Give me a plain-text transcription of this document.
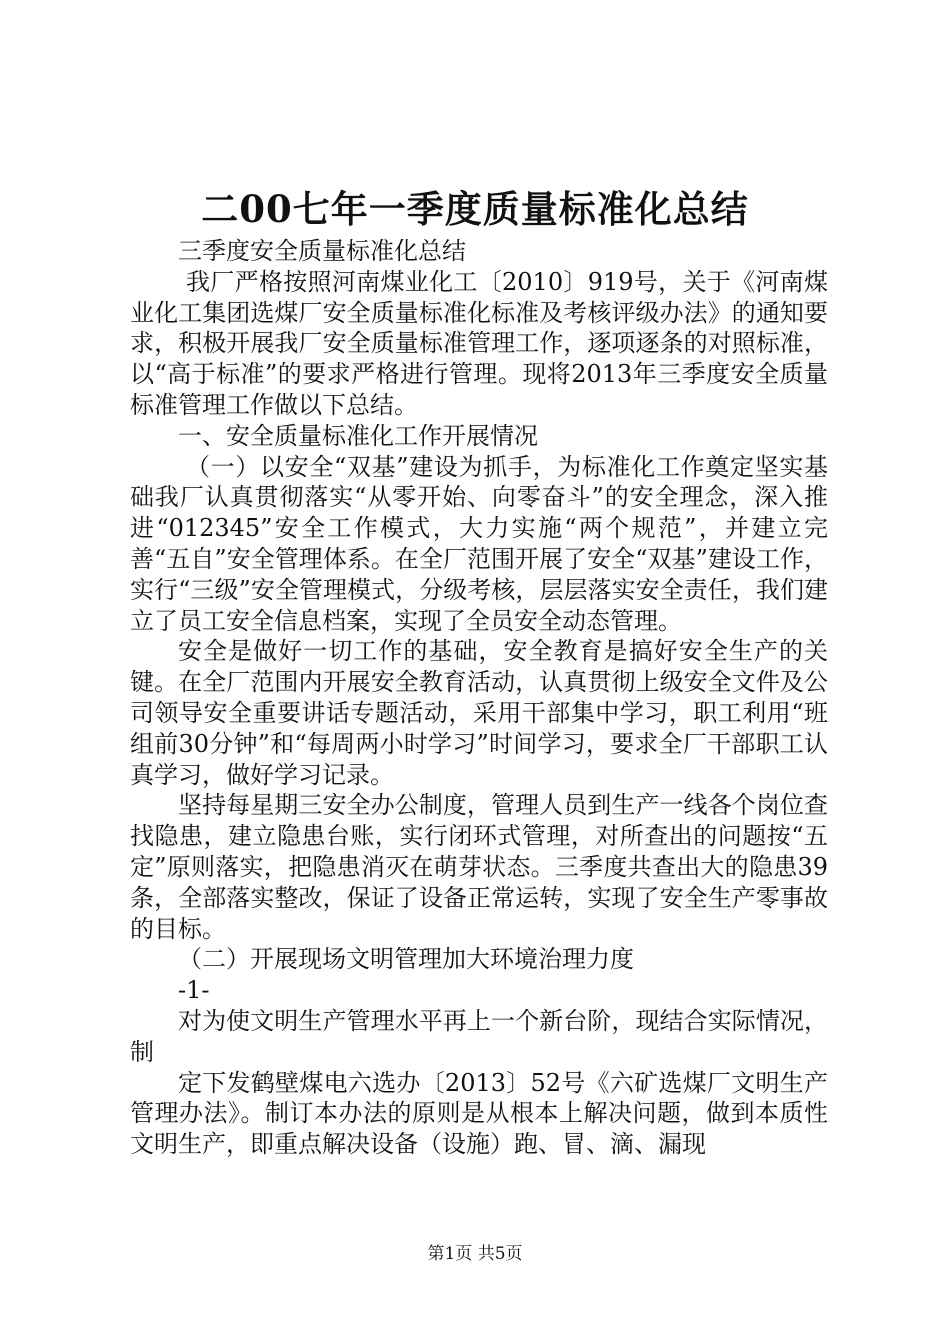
二00七年一季度质量标准化总结

三季度安全质量标准化总结

我厂严格按照河南煤业化工〔2010〕919号，关于《河南煤业化工集团选煤厂安全质量标准化标准及考核评级办法》的通知要求，积极开展我厂安全质量标准管理工作，逐项逐条的对照标准，以“高于标准”的要求严格进行管理。现将2013年三季度安全质量标准管理工作做以下总结。

一、安全质量标准化工作开展情况

（一）以安全“双基”建设为抓手，为标准化工作奠定坚实基础我厂认真贯彻落实“从零开始、向零奋斗”的安全理念，深入推进“012345”安全工作模式，大力实施“两个规范”，并建立完善“五自”安全管理体系。在全厂范围开展了安全“双基”建设工作，实行“三级”安全管理模式，分级考核，层层落实安全责任，我们建立了员工安全信息档案，实现了全员安全动态管理。

安全是做好一切工作的基础，安全教育是搞好安全生产的关键。在全厂范围内开展安全教育活动，认真贯彻上级安全文件及公司领导安全重要讲话专题活动，采用干部集中学习，职工利用“班组前30分钟”和“每周两小时学习”时间学习，要求全厂干部职工认真学习，做好学习记录。

坚持每星期三安全办公制度，管理人员到生产一线各个岗位查找隐患，建立隐患台账，实行闭环式管理，对所查出的问题按“五定”原则落实，把隐患消灭在萌芽状态。三季度共查出大的隐患39条，全部落实整改，保证了设备正常运转，实现了安全生产零事故的目标。

（二）开展现场文明管理加大环境治理力度

-1-

对为使文明生产管理水平再上一个新台阶，现结合实际情况，制

定下发鹤壁煤电六选办〔2013〕52号《六矿选煤厂文明生产管理办法》。制订本办法的原则是从根本上解决问题，做到本质性文明生产，即重点解决设备（设施）跑、冒、滴、漏现

第1页 共5页
